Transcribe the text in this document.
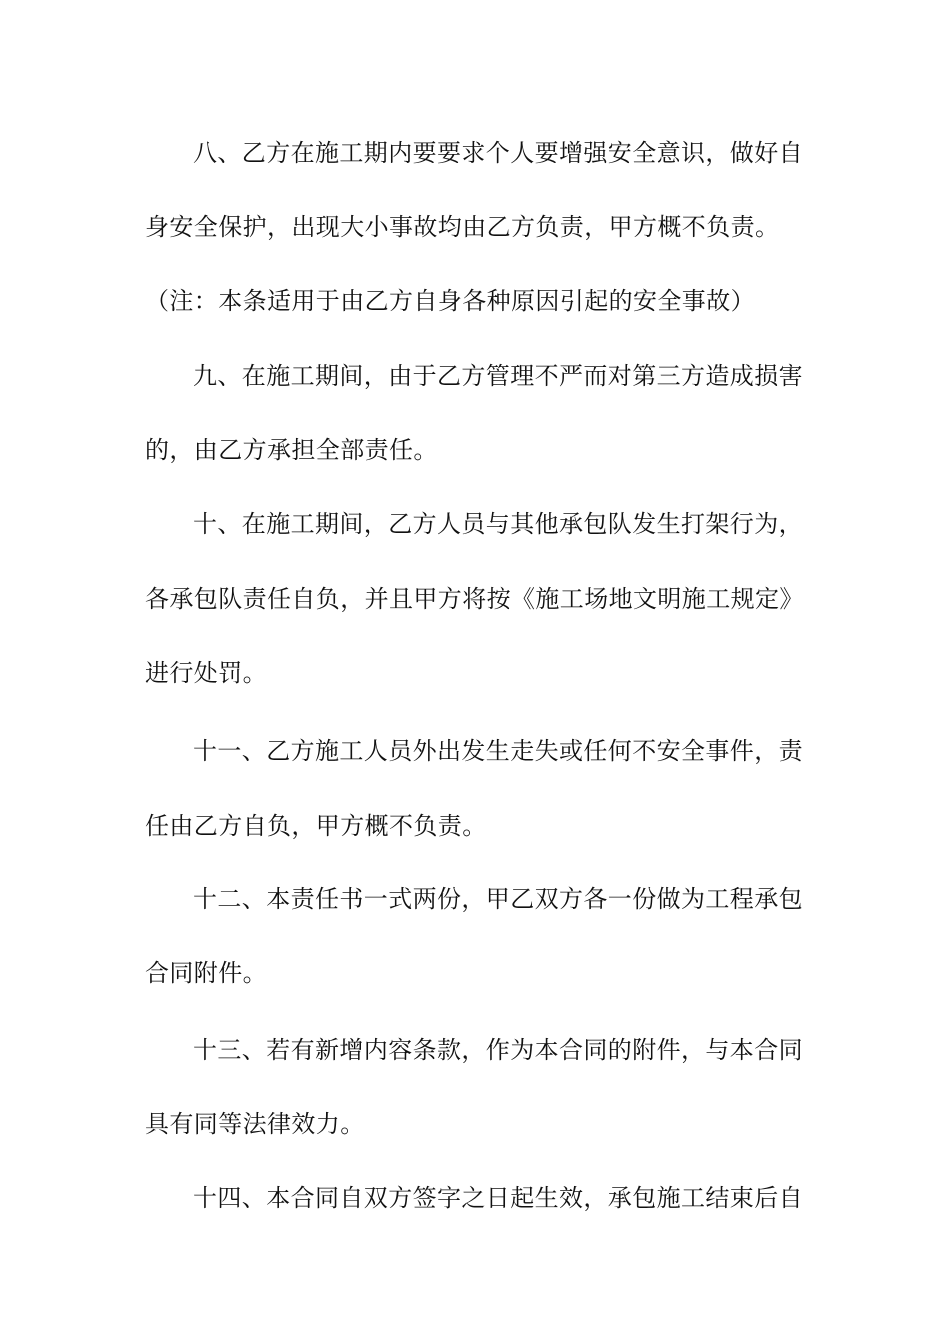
八、乙方在施工期内要要求个人要增强安全意识，做好自
身安全保护，出现大小事故均由乙方负责，甲方概不负责。
（注：本条适用于由乙方自身各种原因引起的安全事故）
九、在施工期间，由于乙方管理不严而对第三方造成损害
的，由乙方承担全部责任。
十、在施工期间，乙方人员与其他承包队发生打架行为，
各承包队责任自负，并且甲方将按《施工场地文明施工规定》
进行处罚。
十一、乙方施工人员外出发生走失或任何不安全事件，责
任由乙方自负，甲方概不负责。
十二、本责任书一式两份，甲乙双方各一份做为工程承包
合同附件。
十三、若有新增内容条款，作为本合同的附件，与本合同
具有同等法律效力。
十四、本合同自双方签字之日起生效，承包施工结束后自
